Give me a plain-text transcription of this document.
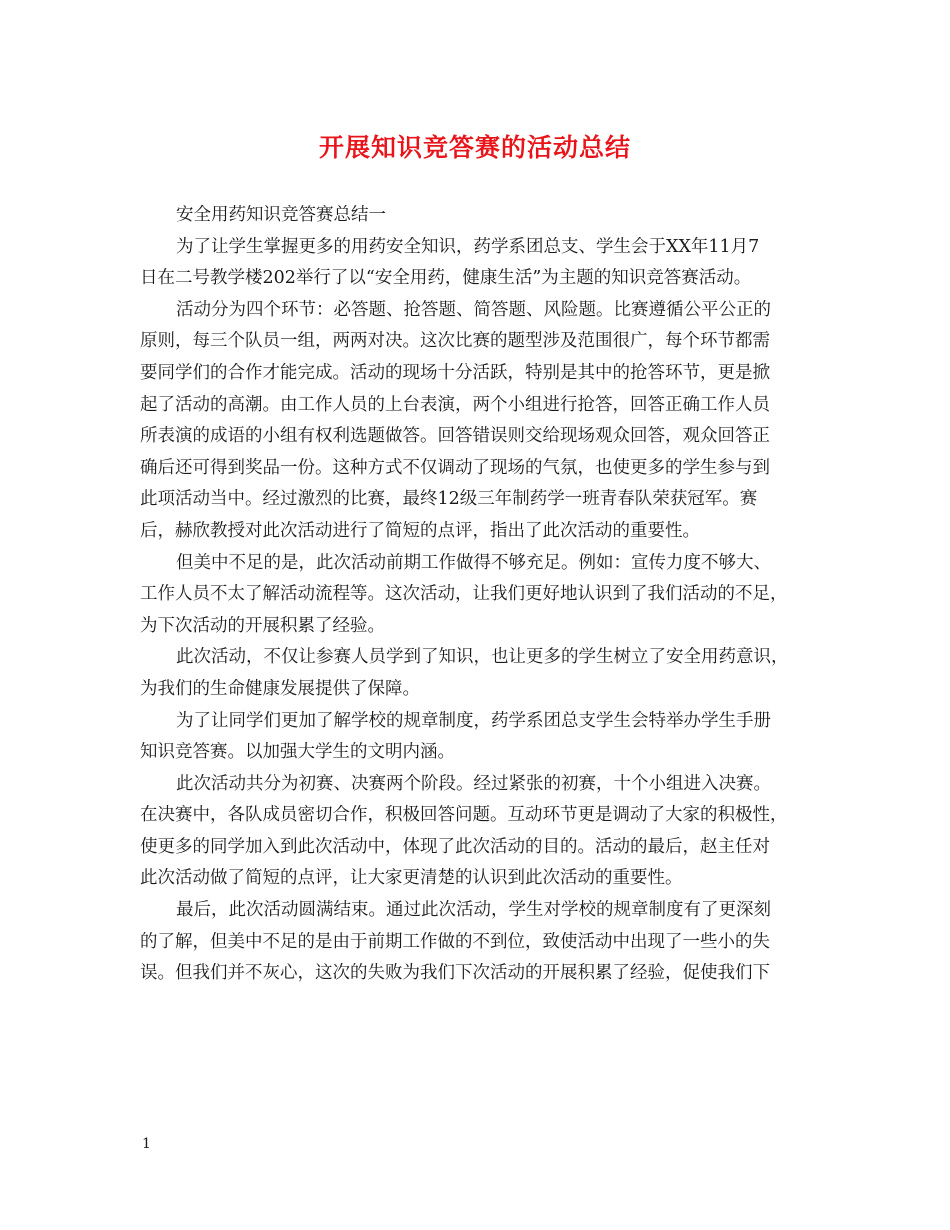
开展知识竞答赛的活动总结
安全用药知识竞答赛总结一
为了让学生掌握更多的用药安全知识，药学系团总支、学生会于XX年11月7
日在二号教学楼202举行了以“安全用药，健康生活”为主题的知识竞答赛活动。
活动分为四个环节：必答题、抢答题、简答题、风险题。比赛遵循公平公正的
原则，每三个队员一组，两两对决。这次比赛的题型涉及范围很广，每个环节都需
要同学们的合作才能完成。活动的现场十分活跃，特别是其中的抢答环节，更是掀
起了活动的高潮。由工作人员的上台表演，两个小组进行抢答，回答正确工作人员
所表演的成语的小组有权利选题做答。回答错误则交给现场观众回答，观众回答正
确后还可得到奖品一份。这种方式不仅调动了现场的气氛，也使更多的学生参与到
此项活动当中。经过激烈的比赛，最终12级三年制药学一班青春队荣获冠军。赛
后，赫欣教授对此次活动进行了简短的点评，指出了此次活动的重要性。
但美中不足的是，此次活动前期工作做得不够充足。例如：宣传力度不够大、
工作人员不太了解活动流程等。这次活动，让我们更好地认识到了我们活动的不足，
为下次活动的开展积累了经验。
此次活动，不仅让参赛人员学到了知识，也让更多的学生树立了安全用药意识，
为我们的生命健康发展提供了保障。
为了让同学们更加了解学校的规章制度，药学系团总支学生会特举办学生手册
知识竞答赛。以加强大学生的文明内涵。
此次活动共分为初赛、决赛两个阶段。经过紧张的初赛，十个小组进入决赛。
在决赛中，各队成员密切合作，积极回答问题。互动环节更是调动了大家的积极性，
使更多的同学加入到此次活动中，体现了此次活动的目的。活动的最后，赵主任对
此次活动做了简短的点评，让大家更清楚的认识到此次活动的重要性。
最后，此次活动圆满结束。通过此次活动，学生对学校的规章制度有了更深刻
的了解，但美中不足的是由于前期工作做的不到位，致使活动中出现了一些小的失
误。但我们并不灰心，这次的失败为我们下次活动的开展积累了经验，促使我们下
1
